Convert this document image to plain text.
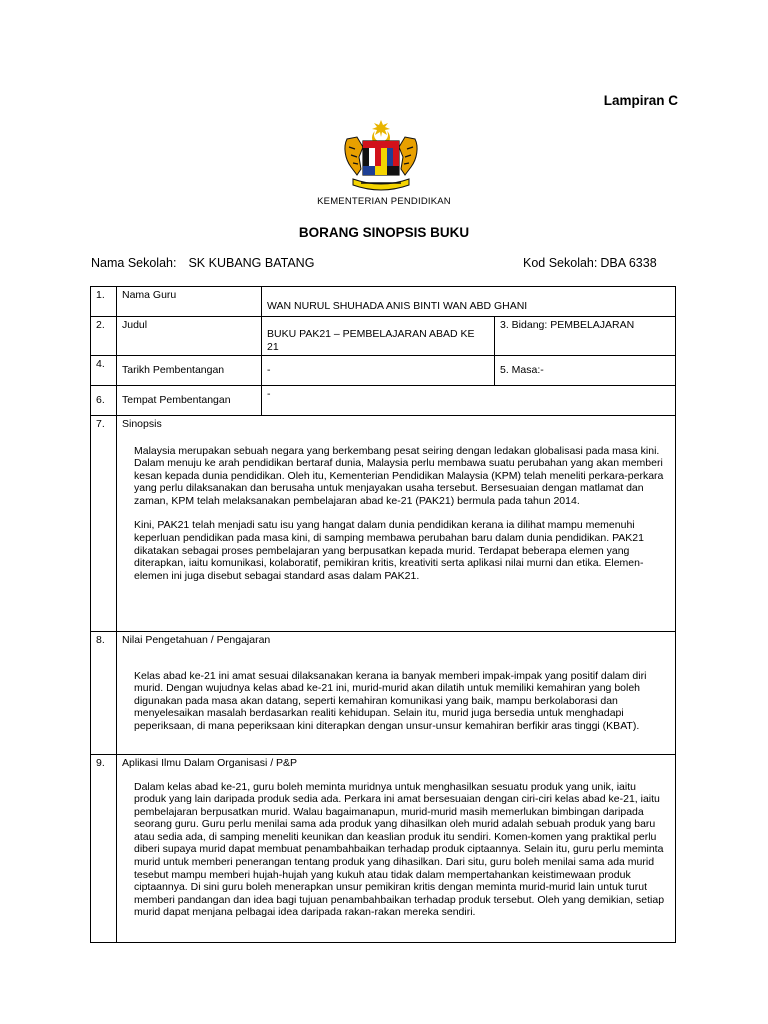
Lampiran C
KEMENTERIAN PENDIDIKAN
BORANG SINOPSIS BUKU
Nama Sekolah: SK KUBANG BATANG	Kod Sekolah: DBA 6338
1.	Nama Guru	WAN NURUL SHUHADA ANIS BINTI WAN ABD GHANI	
2.	Judul	BUKU PAK21 – PEMBELAJARAN ABAD KE 21	3. Bidang: PEMBELAJARAN
4.	Tarikh Pembentangan	-	5. Masa:-
6.	Tempat Pembentangan	-	
7.	Sinopsis

Malaysia merupakan sebuah negara yang berkembang pesat seiring dengan ledakan globalisasi pada masa kini. Dalam menuju ke arah pendidikan bertaraf dunia, Malaysia perlu membawa suatu perubahan yang akan memberi kesan kepada dunia pendidikan. Oleh itu, Kementerian Pendidikan Malaysia (KPM) telah meneliti perkara-perkara yang perlu dilaksanakan dan berusaha untuk menjayakan usaha tersebut. Bersesuaian dengan matlamat dan zaman, KPM telah melaksanakan pembelajaran abad ke-21 (PAK21) bermula pada tahun 2014.

Kini, PAK21 telah menjadi satu isu yang hangat dalam dunia pendidikan kerana ia dilihat mampu memenuhi keperluan pendidikan pada masa kini, di samping membawa perubahan baru dalam dunia pendidikan. PAK21 dikatakan sebagai proses pembelajaran yang berpusatkan kepada murid. Terdapat beberapa elemen yang diterapkan, iaitu komunikasi, kolaboratif, pemikiran kritis, kreativiti serta aplikasi nilai murni dan etika. Elemen-elemen ini juga disebut sebagai standard asas dalam PAK21.		

8.	Nilai Pengetahuan / Pengajaran

Kelas abad ke-21 ini amat sesuai dilaksanakan kerana ia banyak memberi impak-impak yang positif dalam diri murid. Dengan wujudnya kelas abad ke-21 ini, murid-murid akan dilatih untuk memiliki kemahiran yang boleh digunakan pada masa akan datang, seperti kemahiran komunikasi yang baik, mampu berkolaborasi dan menyelesaikan masalah berdasarkan realiti kehidupan. Selain itu, murid juga bersedia untuk menghadapi peperiksaan, di mana peperiksaan kini diterapkan dengan unsur-unsur kemahiran berfikir aras tinggi (KBAT).		

9.	Aplikasi Ilmu Dalam Organisasi / P&P

Dalam kelas abad ke-21, guru boleh meminta muridnya untuk menghasilkan sesuatu produk yang unik, iaitu produk yang lain daripada produk sedia ada. Perkara ini amat bersesuaian dengan ciri-ciri kelas abad ke-21, iaitu pembelajaran berpusatkan murid. Walau bagaimanapun, murid-murid masih memerlukan bimbingan daripada seorang guru. Guru perlu menilai sama ada produk yang dihasilkan oleh murid adalah sebuah produk yang baru atau sedia ada, di samping meneliti keunikan dan keaslian produk itu sendiri. Komen-komen yang praktikal perlu diberi supaya murid dapat membuat penambahbaikan terhadap produk ciptaannya. Selain itu, guru perlu meminta murid untuk memberi penerangan tentang produk yang dihasilkan. Dari situ, guru boleh menilai sama ada murid tesebut mampu memberi hujah-hujah yang kukuh atau tidak dalam mempertahankan keistimewaan produk ciptaannya. Di sini guru boleh menerapkan unsur pemikiran kritis dengan meminta murid-murid lain untuk turut memberi pandangan dan idea bagi tujuan penambahbaikan terhadap produk tersebut. Oleh yang demikian, setiap murid dapat menjana pelbagai idea daripada rakan-rakan mereka sendiri.		
